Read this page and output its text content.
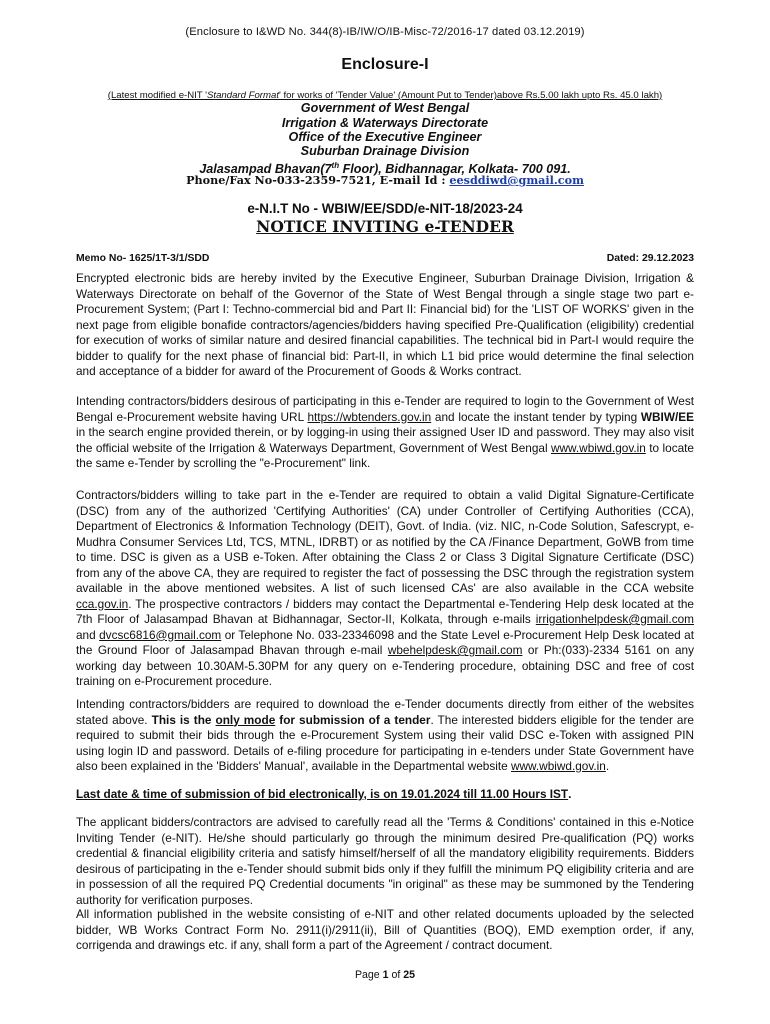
(Enclosure to I&WD No. 344(8)-IB/IW/O/IB-Misc-72/2016-17 dated 03.12.2019)
Enclosure-I
(Latest modified e-NIT 'Standard Format' for works of 'Tender Value' (Amount Put to Tender)above Rs.5.00 lakh upto Rs. 45.0 lakh)
Government of West Bengal
Irrigation & Waterways Directorate
Office of the Executive Engineer
Suburban Drainage Division
Jalasampad Bhavan(7th Floor), Bidhannagar, Kolkata- 700 091.
Phone/Fax No-033-2359-7521, E-mail Id : eesddiwd@gmail.com
e-N.I.T No - WBIW/EE/SDD/e-NIT-18/2023-24
NOTICE INVITING e-TENDER
Memo No- 1625/1T-3/1/SDD	Dated: 29.12.2023

Encrypted electronic bids are hereby invited by the Executive Engineer, Suburban Drainage Division, Irrigation & Waterways Directorate on behalf of the Governor of the State of West Bengal through a single stage two part e-Procurement System; (Part I: Techno-commercial bid and Part II: Financial bid) for the 'LIST OF WORKS' given in the next page from eligible bonafide contractors/agencies/bidders having specified Pre-Qualification (eligibility) credential for execution of works of similar nature and desired financial capabilities. The technical bid in Part-I would require the bidder to qualify for the next phase of financial bid: Part-II, in which L1 bid price would determine the final selection and acceptance of a bidder for award of the Procurement of Goods & Works contract.

Intending contractors/bidders desirous of participating in this e-Tender are required to login to the Government of West Bengal e-Procurement website having URL https://wbtenders.gov.in and locate the instant tender by typing WBIW/EE in the search engine provided therein, or by logging-in using their assigned User ID and password. They may also visit the official website of the Irrigation & Waterways Department, Government of West Bengal www.wbiwd.gov.in to locate the same e-Tender by scrolling the "e-Procurement" link.

Contractors/bidders willing to take part in the e-Tender are required to obtain a valid Digital Signature-Certificate (DSC) from any of the authorized 'Certifying Authorities' (CA) under Controller of Certifying Authorities (CCA), Department of Electronics & Information Technology (DEIT), Govt. of India. (viz. NIC, n-Code Solution, Safescrypt, e-Mudhra Consumer Services Ltd, TCS, MTNL, IDRBT) or as notified by the CA /Finance Department, GoWB from time to time. DSC is given as a USB e-Token. After obtaining the Class 2 or Class 3 Digital Signature Certificate (DSC) from any of the above CA, they are required to register the fact of possessing the DSC through the registration system available in the above mentioned websites. A list of such licensed CAs' are also available in the CCA website cca.gov.in. The prospective contractors / bidders may contact the Departmental e-Tendering Help desk located at the 7th Floor of Jalasampad Bhavan at Bidhannagar, Sector-II, Kolkata, through e-mails irrigationhelpdesk@gmail.com and dvcsc6816@gmail.com or Telephone No. 033-23346098 and the State Level e-Procurement Help Desk located at the Ground Floor of Jalasampad Bhavan through e-mail wbehelpdesk@gmail.com or Ph:(033)-2334 5161 on any working day between 10.30AM-5.30PM for any query on e-Tendering procedure, obtaining DSC and free of cost training on e-Procurement procedure.

Intending contractors/bidders are required to download the e-Tender documents directly from either of the websites stated above. This is the only mode for submission of a tender. The interested bidders eligible for the tender are required to submit their bids through the e-Procurement System using their valid DSC e-Token with assigned PIN using login ID and password. Details of e-filing procedure for participating in e-tenders under State Government have also been explained in the 'Bidders' Manual', available in the Departmental website www.wbiwd.gov.in.

Last date & time of submission of bid electronically, is on 19.01.2024 till 11.00 Hours IST.

The applicant bidders/contractors are advised to carefully read all the 'Terms & Conditions' contained in this e-Notice Inviting Tender (e-NIT). He/she should particularly go through the minimum desired Pre-qualification (PQ) works credential & financial eligibility criteria and satisfy himself/herself of all the mandatory eligibility requirements. Bidders desirous of participating in the e-Tender should submit bids only if they fulfill the minimum PQ eligibility criteria and are in possession of all the required PQ Credential documents "in original" as these may be summoned by the Tendering authority for verification purposes.

All information published in the website consisting of e-NIT and other related documents uploaded by the selected bidder, WB Works Contract Form No. 2911(i)/2911(ii), Bill of Quantities (BOQ), EMD exemption order, if any, corrigenda and drawings etc. if any, shall form a part of the Agreement / contract document.

Page 1 of 25
